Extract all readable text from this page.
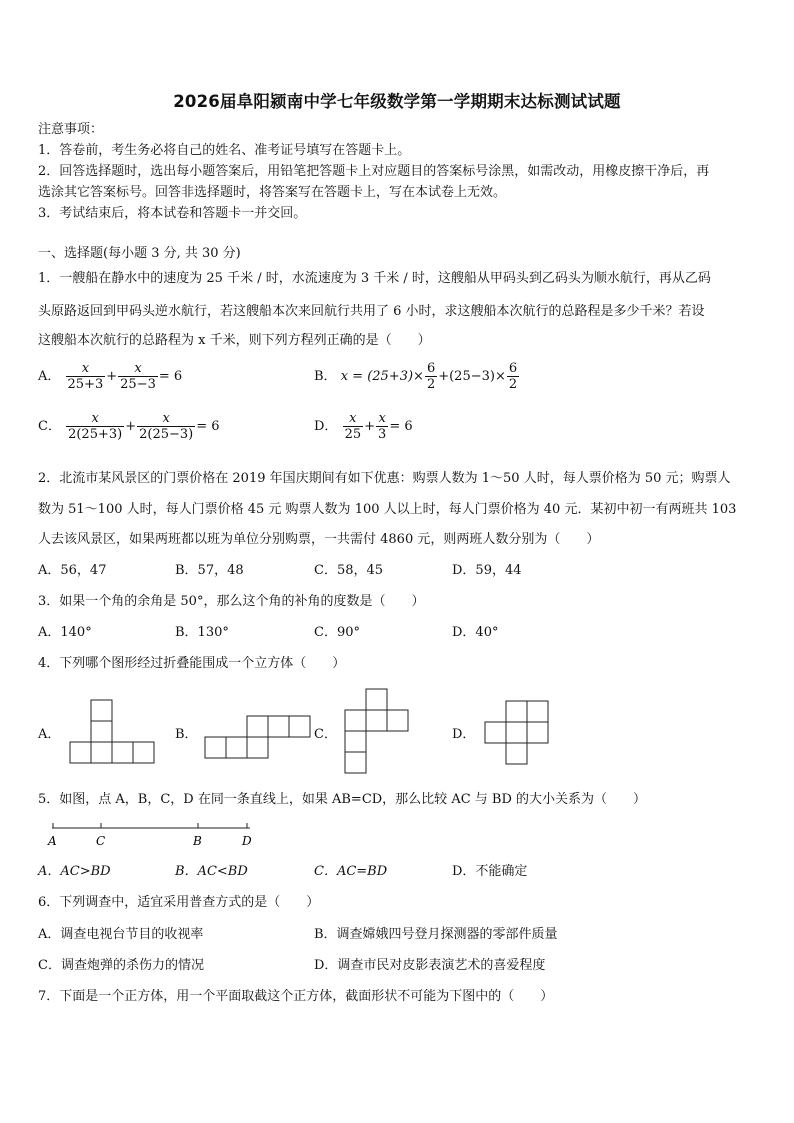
2026届阜阳颍南中学七年级数学第一学期期末达标测试试题
注意事项：
1．答卷前，考生务必将自己的姓名、准考证号填写在答题卡上。
2．回答选择题时，选出每小题答案后，用铅笔把答题卡上对应题目的答案标号涂黑，如需改动，用橡皮擦干净后，再
选涂其它答案标号。回答非选择题时，将答案写在答题卡上，写在本试卷上无效。
3．考试结束后，将本试卷和答题卡一并交回。
一、选择题(每小题 3 分, 共 30 分)
1．一艘船在静水中的速度为 25 千米 / 时，水流速度为 3 千米 / 时，这艘船从甲码头到乙码头为顺水航行，再从乙码
头原路返回到甲码头逆水航行，若这艘船本次来回航行共用了 6 小时，求这艘船本次航行的总路程是多少千米？若设
这艘船本次航行的总路程为 x 千米，则下列方程列正确的是（　　）
A． $\frac{x}{25+3} + \frac{x}{25-3} = 6$	B． $x = (25+3)\times \frac{6}{2} +(25-3)\times \frac{6}{2}$
C． $\frac{x}{2(25+3)} + \frac{x}{2(25-3)} = 6$	D． $\frac{x}{25} + \frac{x}{3} = 6$
2．北流市某风景区的门票价格在 2019 年国庆期间有如下优惠：购票人数为 1～50 人时，每人票价格为 50 元；购票人
数为 51～100 人时，每人门票价格 45 元 购票人数为 100 人以上时，每人门票价格为 40 元．某初中初一有两班共 103
人去该风景区，如果两班都以班为单位分别购票，一共需付 4860 元，则两班人数分别为（　　）
A．56，47	B．57，48	C．58，45	D．59，44
3．如果一个角的余角是 50°，那么这个角的补角的度数是（　　）
A．140°	B．130°	C．90°	D．40°
4．下列哪个图形经过折叠能围成一个立方体（　　）
A．	B．	C．	D．
5．如图，点 A，B，C，D 在同一条直线上，如果 AB=CD，那么比较 AC 与 BD 的大小关系为（　　）
A	C	B	D
A．AC>BD	B．AC<BD	C．AC=BD	D．不能确定
6．下列调查中，适宜采用普查方式的是（　　）
A．调查电视台节目的收视率	B．调查嫦娥四号登月探测器的零部件质量
C．调查炮弹的杀伤力的情况	D．调查市民对皮影表演艺术的喜爱程度
7．下面是一个正方体，用一个平面取截这个正方体，截面形状不可能为下图中的（　　）
